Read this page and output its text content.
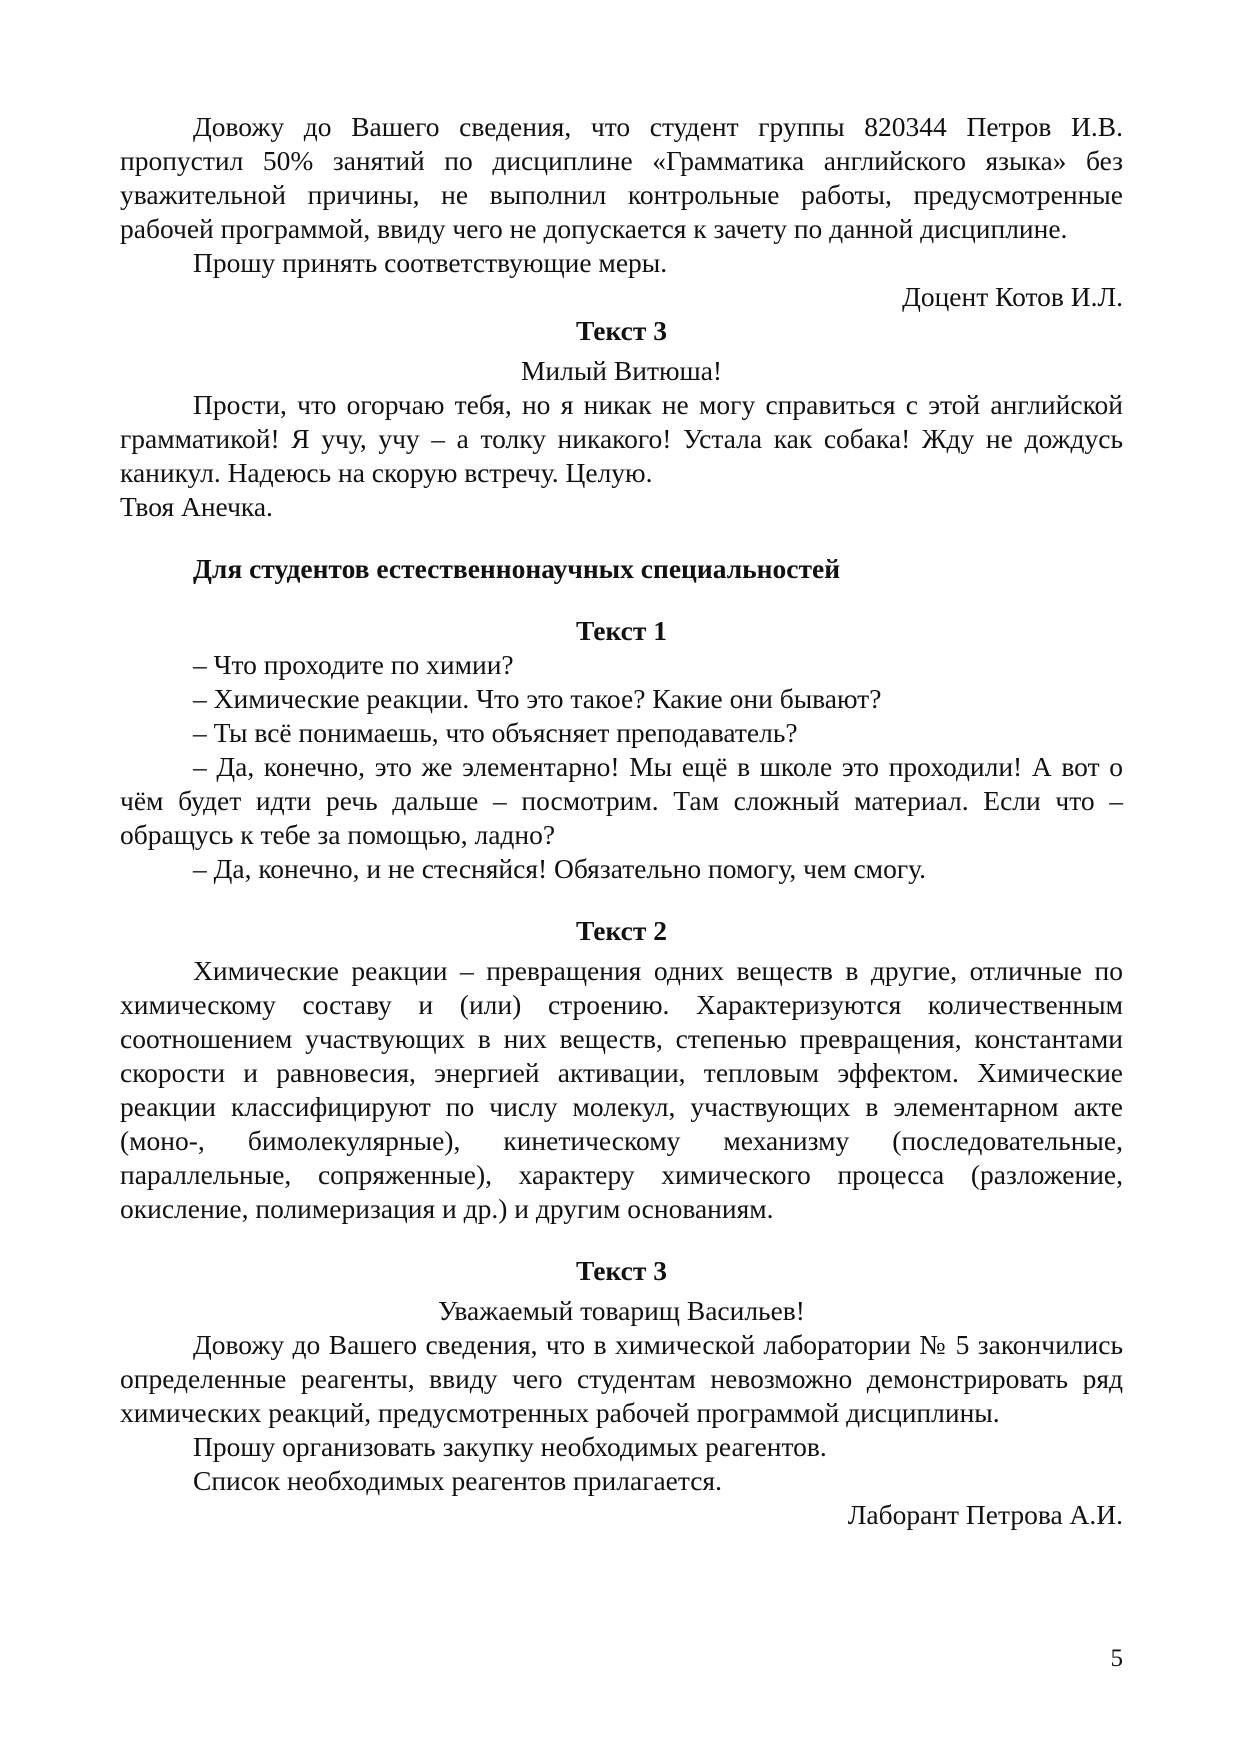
Довожу до Вашего сведения, что студент группы 820344 Петров И.В. пропустил 50% занятий по дисциплине «Грамматика английского языка» без уважительной причины, не выполнил контрольные работы, предусмотренные рабочей программой, ввиду чего не допускается к зачету по данной дисциплине.

Прошу принять соответствующие меры.

Доцент Котов И.Л.

Текст 3

Милый Витюша!

Прости, что огорчаю тебя, но я никак не могу справиться с этой английской грамматикой! Я учу, учу – а толку никакого! Устала как собака! Жду не дождусь каникул. Надеюсь на скорую встречу. Целую.

Твоя Анечка.

Для студентов естественнонаучных специальностей

Текст 1

– Что проходите по химии?

– Химические реакции. Что это такое? Какие они бывают?

– Ты всё понимаешь, что объясняет преподаватель?

– Да, конечно, это же элементарно! Мы ещё в школе это проходили! А вот о чём будет идти речь дальше – посмотрим. Там сложный материал. Если что – обращусь к тебе за помощью, ладно?

– Да, конечно, и не стесняйся! Обязательно помогу, чем смогу.

Текст 2

Химические реакции – превращения одних веществ в другие, отличные по химическому составу и (или) строению. Характеризуются количественным соотношением участвующих в них веществ, степенью превращения, константами скорости и равновесия, энергией активации, тепловым эффектом. Химические реакции классифицируют по числу молекул, участвующих в элементарном акте (моно-, бимолекулярные), кинетическому механизму (последовательные, параллельные, сопряженные), характеру химического процесса (разложение, окисление, полимеризация и др.) и другим основаниям.

Текст 3

Уважаемый товарищ Васильев!

Довожу до Вашего сведения, что в химической лаборатории № 5 закончились определенные реагенты, ввиду чего студентам невозможно демонстрировать ряд химических реакций, предусмотренных рабочей программой дисциплины.

Прошу организовать закупку необходимых реагентов.

Список необходимых реагентов прилагается.

Лаборант Петрова А.И.

5
